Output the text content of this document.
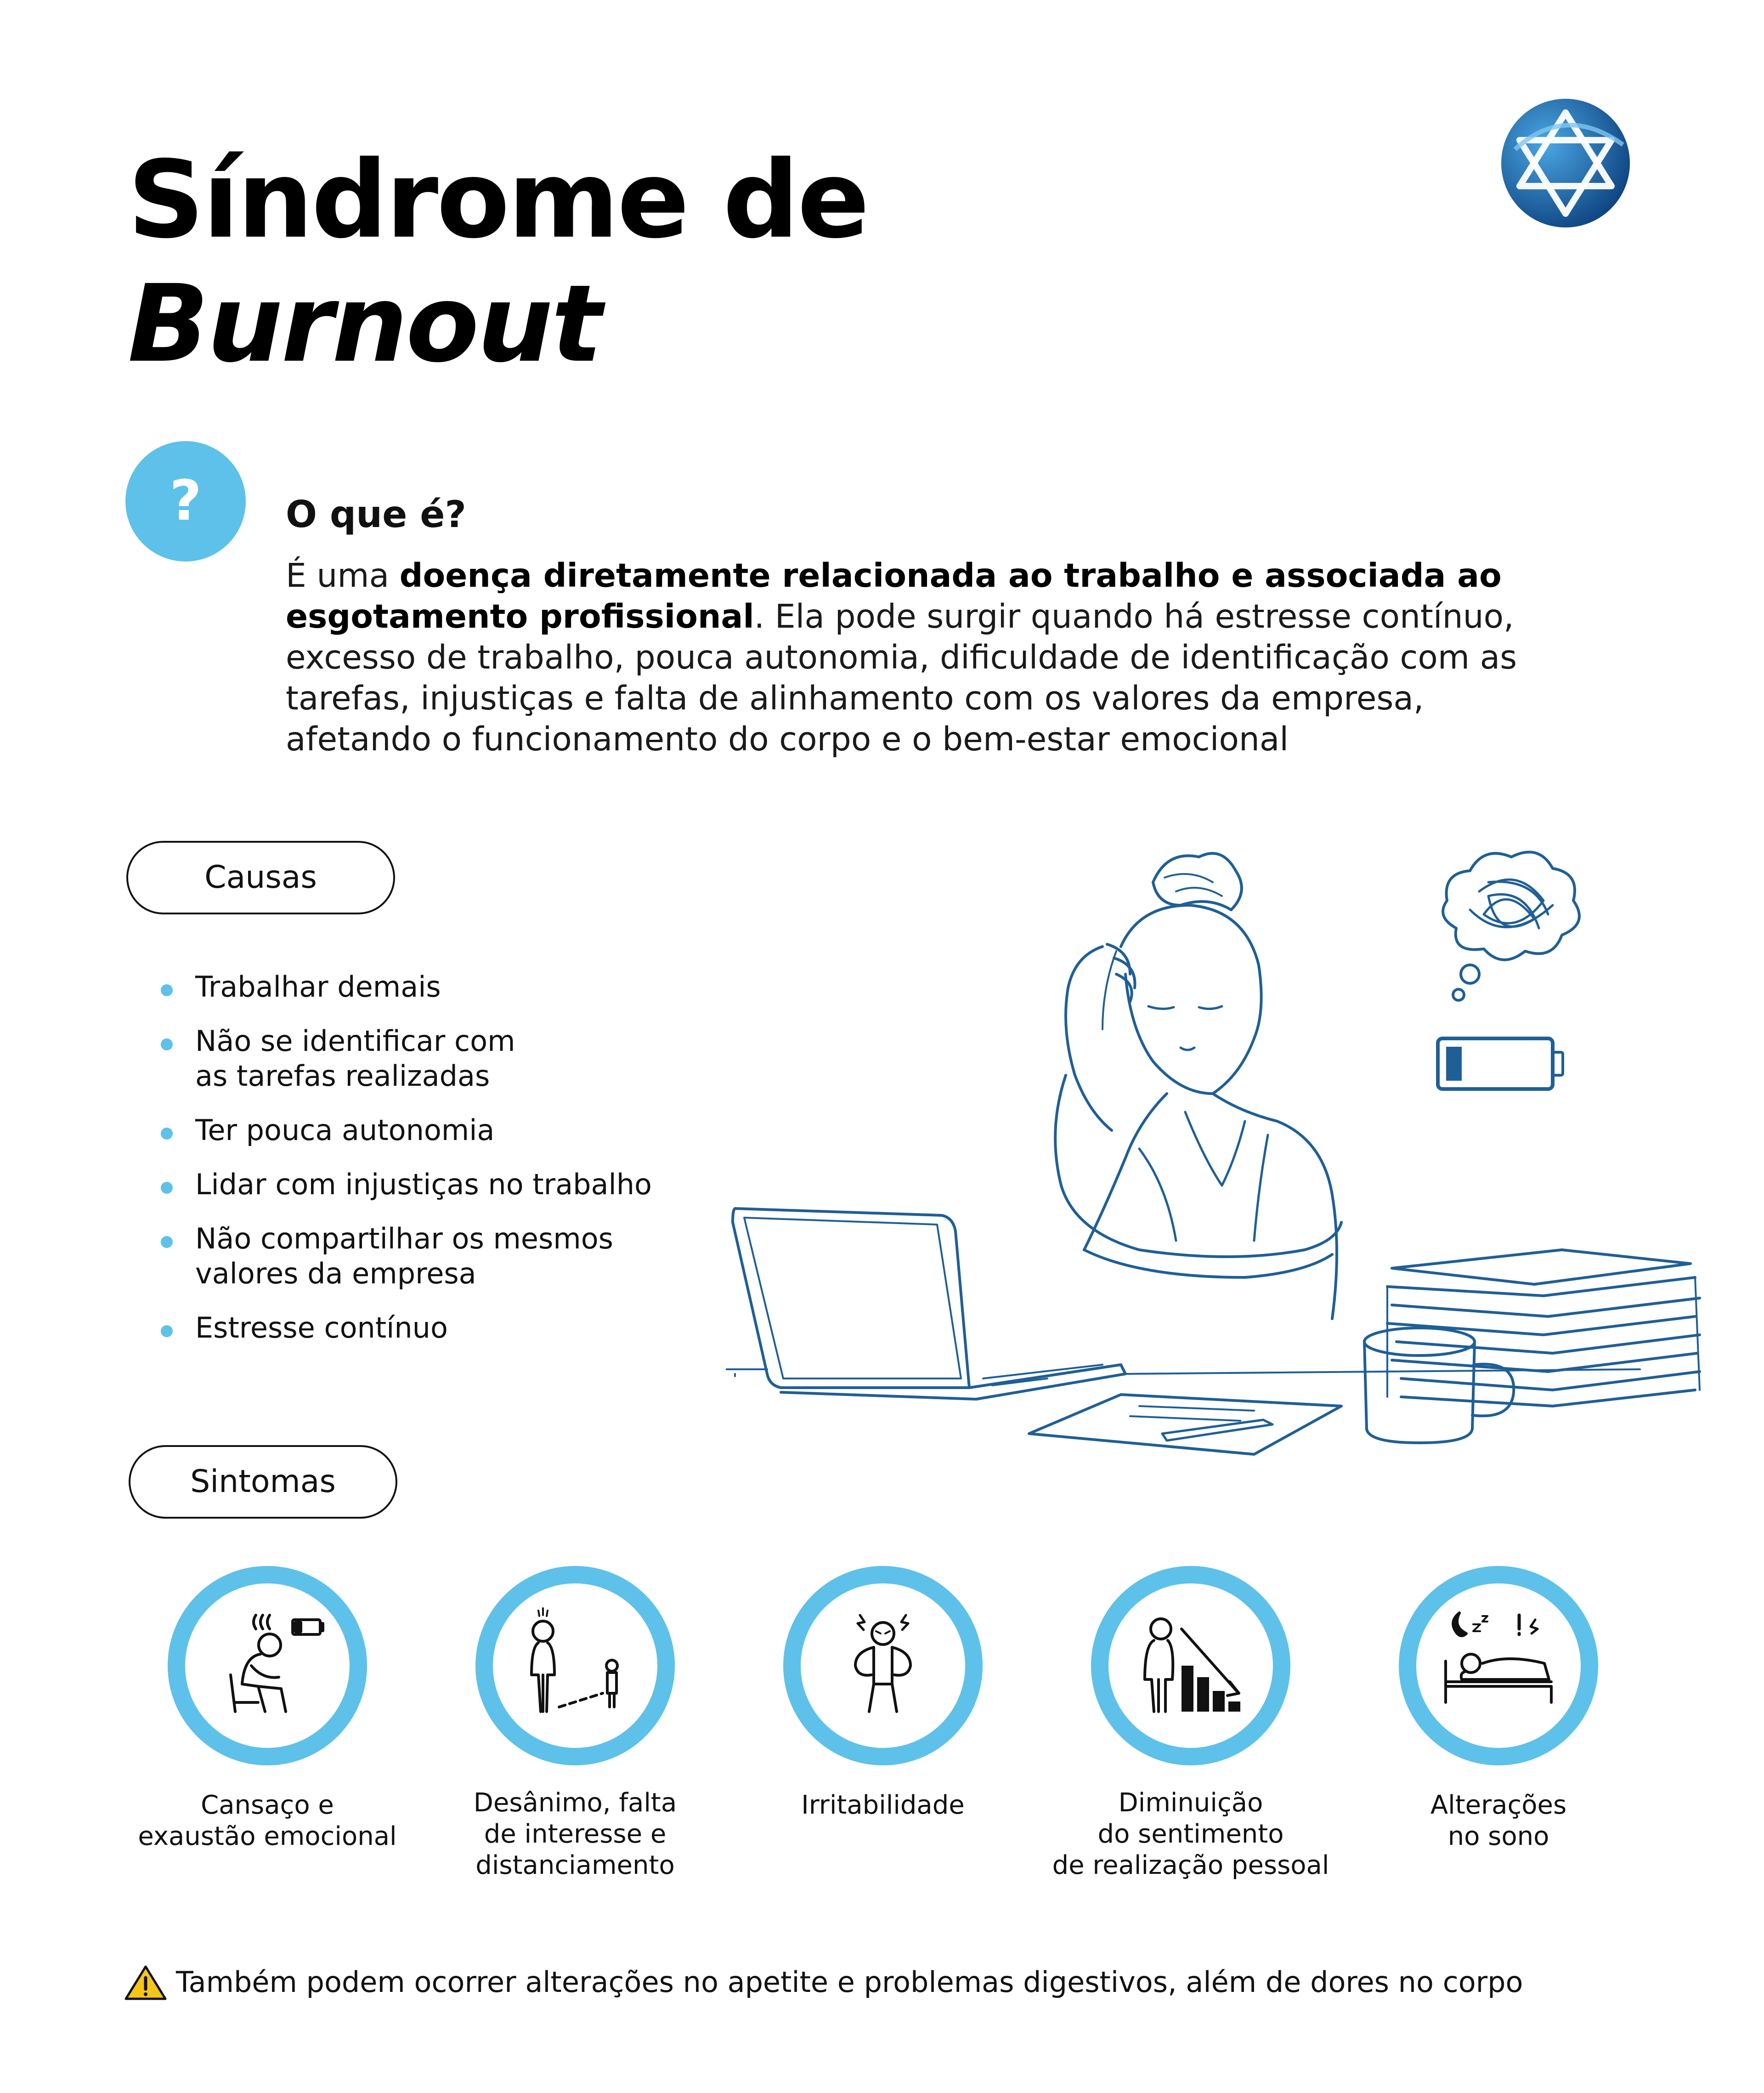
Síndrome de
Burnout
?	O que é?

É uma doença diretamente relacionada ao trabalho e associada ao esgotamento profissional. Ela pode surgir quando há estresse contínuo, excesso de trabalho, pouca autonomia, dificuldade de identificação com as tarefas, injustiças e falta de alinhamento com os valores da empresa, afetando o funcionamento do corpo e o bem-estar emocional

Causas
Trabalhar demais
Não se identificar com
as tarefas realizadas
Ter pouca autonomia
Lidar com injustiças no trabalho
Não compartilhar os mesmos
valores da empresa
Estresse contínuo
Sintomas
Cansaço e
exaustão emocional
Desânimo, falta
de interesse e
distanciamento
Irritabilidade	Diminuição
do sentimento
de realização pessoal
Alterações
no sono
Também podem ocorrer alterações no apetite e problemas digestivos, além de dores no corpo
